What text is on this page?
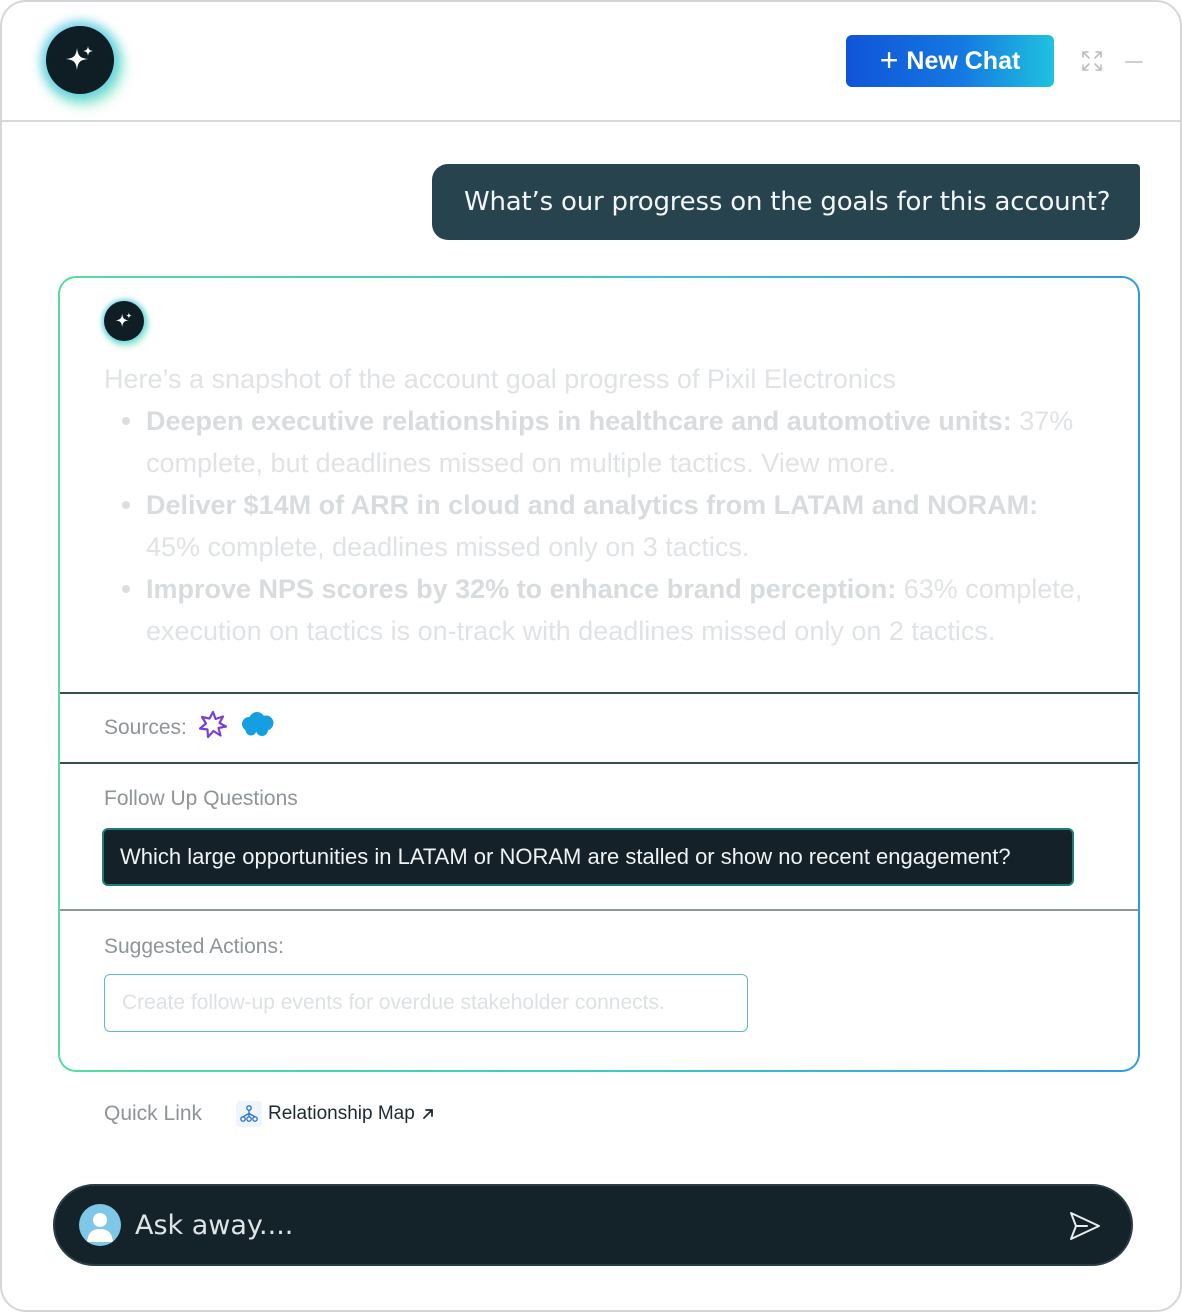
+ New Chat
What’s our progress on the goals for this account?
Here’s a snapshot of the account goal progress of Pixil Electronics
Deepen executive relationships in healthcare and automotive units: 37% complete, but deadlines missed on multiple tactics. View more.
Deliver $14M of ARR in cloud and analytics from LATAM and NORAM: 45% complete, deadlines missed only on 3 tactics.
Improve NPS scores by 32% to enhance brand perception: 63% complete, execution on tactics is on-track with deadlines missed only on 2 tactics.
Sources:
Follow Up Questions
Which large opportunities in LATAM or NORAM are stalled or show no recent engagement?
Suggested Actions:
Create follow-up events for overdue stakeholder connects.
Quick Link	Relationship Map
Ask away....
